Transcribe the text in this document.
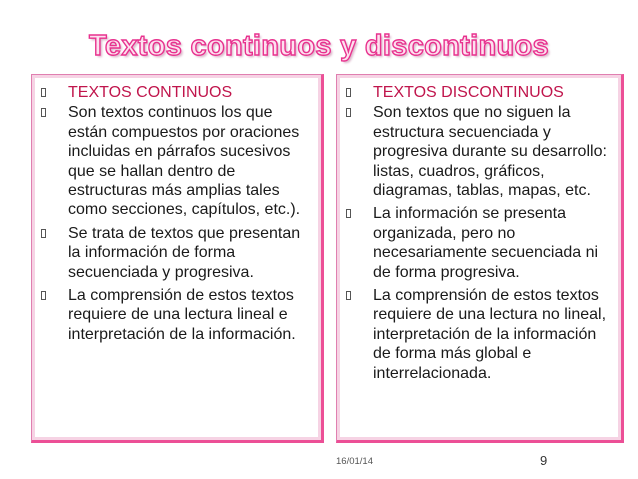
Textos continuos y discontinuos
TEXTOS CONTINUOS
Son textos continuos los que están compuestos por oraciones incluidas en párrafos sucesivos que se hallan dentro de estructuras más amplias tales como secciones, capítulos, etc.).
Se trata de textos que presentan la información de forma secuenciada y progresiva.
La comprensión de estos textos requiere de una lectura lineal e interpretación de la información.
TEXTOS DISCONTINUOS
Son textos que no siguen la estructura secuenciada y progresiva durante su desarrollo: listas, cuadros, gráficos, diagramas, tablas, mapas, etc.
La información se presenta organizada, pero no necesariamente secuenciada ni de forma progresiva.
La comprensión de estos textos requiere de una lectura no lineal, interpretación de la información de forma más global e interrelacionada.
16/01/14	9
